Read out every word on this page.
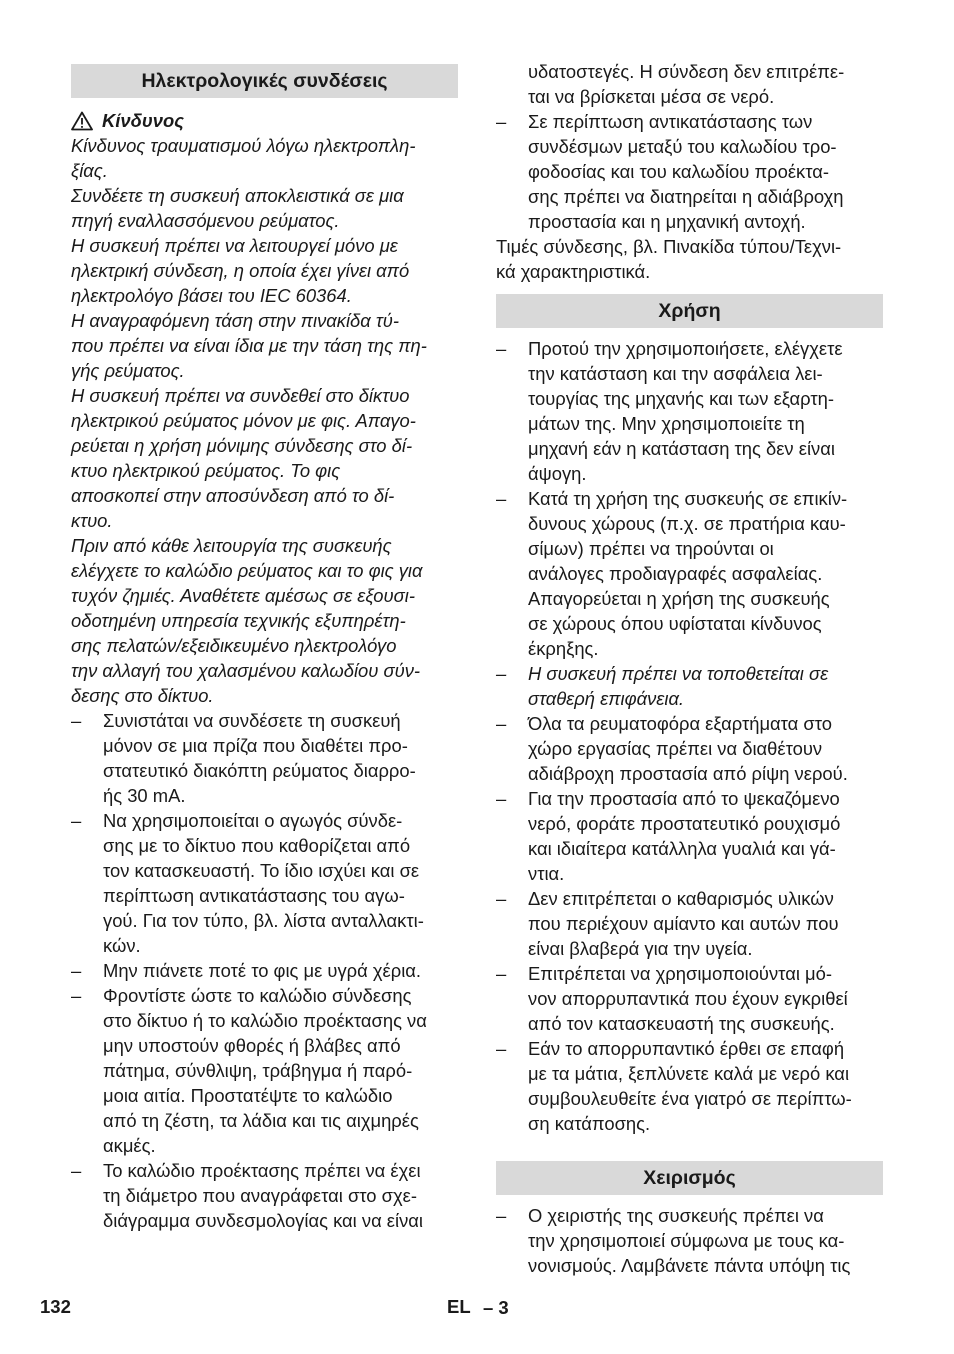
Ηλεκτρολογικές συνδέσεις
Κίνδυνος

Κίνδυνος τραυματισμού λόγω ηλεκτροπλη-

ξίας.

Συνδέετε τη συσκευή αποκλειστικά σε μια

πηγή εναλλασσόμενου ρεύματος.

Η συσκευή πρέπει να λειτουργεί μόνο με

ηλεκτρική σύνδεση, η οποία έχει γίνει από

ηλεκτρολόγο βάσει του IEC 60364.

Η αναγραφόμενη τάση στην πινακίδα τύ-

που πρέπει να είναι ίδια με την τάση της πη-

γής ρεύματος.

Η συσκευή πρέπει να συνδεθεί στο δίκτυο

ηλεκτρικού ρεύματος μόνον με φις. Απαγο-

ρεύεται η χρήση μόνιμης σύνδεσης στο δί-

κτυο ηλεκτρικού ρεύματος. Το φις

αποσκοπεί στην αποσύνδεση από το δί-

κτυο.

Πριν από κάθε λειτουργία της συσκευής

ελέγχετε το καλώδιο ρεύματος και το φις για

τυχόν ζημιές. Αναθέτετε αμέσως σε εξουσι-

οδοτημένη υπηρεσία τεχνικής εξυπηρέτη-

σης πελατών/εξειδικευμένο ηλεκτρολόγο

την αλλαγή του χαλασμένου καλωδίου σύν-

δεσης στο δίκτυο.

– Συνιστάται να συνδέσετε τη συσκευή

μόνον σε μια πρίζα που διαθέτει προ-

στατευτικό διακόπτη ρεύματος διαρρο-

ής 30 mA.

– Να χρησιμοποιείται ο αγωγός σύνδε-

σης με το δίκτυο που καθορίζεται από

τον κατασκευαστή. Το ίδιο ισχύει και σε

περίπτωση αντικατάστασης του αγω-

γού. Για τον τύπο, βλ. λίστα ανταλλακτι-

κών.

– Μην πιάνετε ποτέ το φις με υγρά χέρια.

– Φροντίστε ώστε το καλώδιο σύνδεσης

στο δίκτυο ή το καλώδιο προέκτασης να

μην υποστούν φθορές ή βλάβες από

πάτημα, σύνθλιψη, τράβηγμα ή παρό-

μοια αιτία. Προστατέψτε το καλώδιο

από τη ζέστη, τα λάδια και τις αιχμηρές

ακμές.

– Το καλώδιο προέκτασης πρέπει να έχει

τη διάμετρο που αναγράφεται στο σχε-

διάγραμμα συνδεσμολογίας και να είναι

υδατοστεγές. Η σύνδεση δεν επιτρέπε-

ται να βρίσκεται μέσα σε νερό.

– Σε περίπτωση αντικατάστασης των

συνδέσμων μεταξύ του καλωδίου τρο-

φοδοσίας και του καλωδίου προέκτα-

σης πρέπει να διατηρείται η αδιάβροχη

προστασία και η μηχανική αντοχή.

Τιμές σύνδεσης, βλ. Πινακίδα τύπου/Τεχνι-

κά χαρακτηριστικά.

Χρήση
– Προτού την χρησιμοποιήσετε, ελέγχετε

την κατάσταση και την ασφάλεια λει-

τουργίας της μηχανής και των εξαρτη-

μάτων της. Μην χρησιμοποιείτε τη

μηχανή εάν η κατάσταση της δεν είναι

άψογη.

– Κατά τη χρήση της συσκευής σε επικίν-

δυνους χώρους (π.χ. σε πρατήρια καυ-

σίμων) πρέπει να τηρούνται οι

ανάλογες προδιαγραφές ασφαλείας.

Απαγορεύεται η χρήση της συσκευής

σε χώρους όπου υφίσταται κίνδυνος

έκρηξης.

– Η συσκευή πρέπει να τοποθετείται σε

σταθερή επιφάνεια.

– Όλα τα ρευματοφόρα εξαρτήματα στο

χώρο εργασίας πρέπει να διαθέτουν

αδιάβροχη προστασία από ρίψη νερού.

– Για την προστασία από το ψεκαζόμενο

νερό, φοράτε προστατευτικό ρουχισμό

και ιδιαίτερα κατάλληλα γυαλιά και γά-

ντια.

– Δεν επιτρέπεται ο καθαρισμός υλικών

που περιέχουν αμίαντο και αυτών που

είναι βλαβερά για την υγεία.

– Επιτρέπεται να χρησιμοποιούνται μό-

νον απορρυπαντικά που έχουν εγκριθεί

από τον κατασκευαστή της συσκευής.

– Εάν το απορρυπαντικό έρθει σε επαφή

με τα μάτια, ξεπλύνετε καλά με νερό και

συμβουλευθείτε ένα γιατρό σε περίπτω-

ση κατάποσης.

Χειρισμός
– Ο χειριστής της συσκευής πρέπει να

την χρησιμοποιεί σύμφωνα με τους κα-

νονισμούς. Λαμβάνετε πάντα υπόψη τις

132	EL – 3
